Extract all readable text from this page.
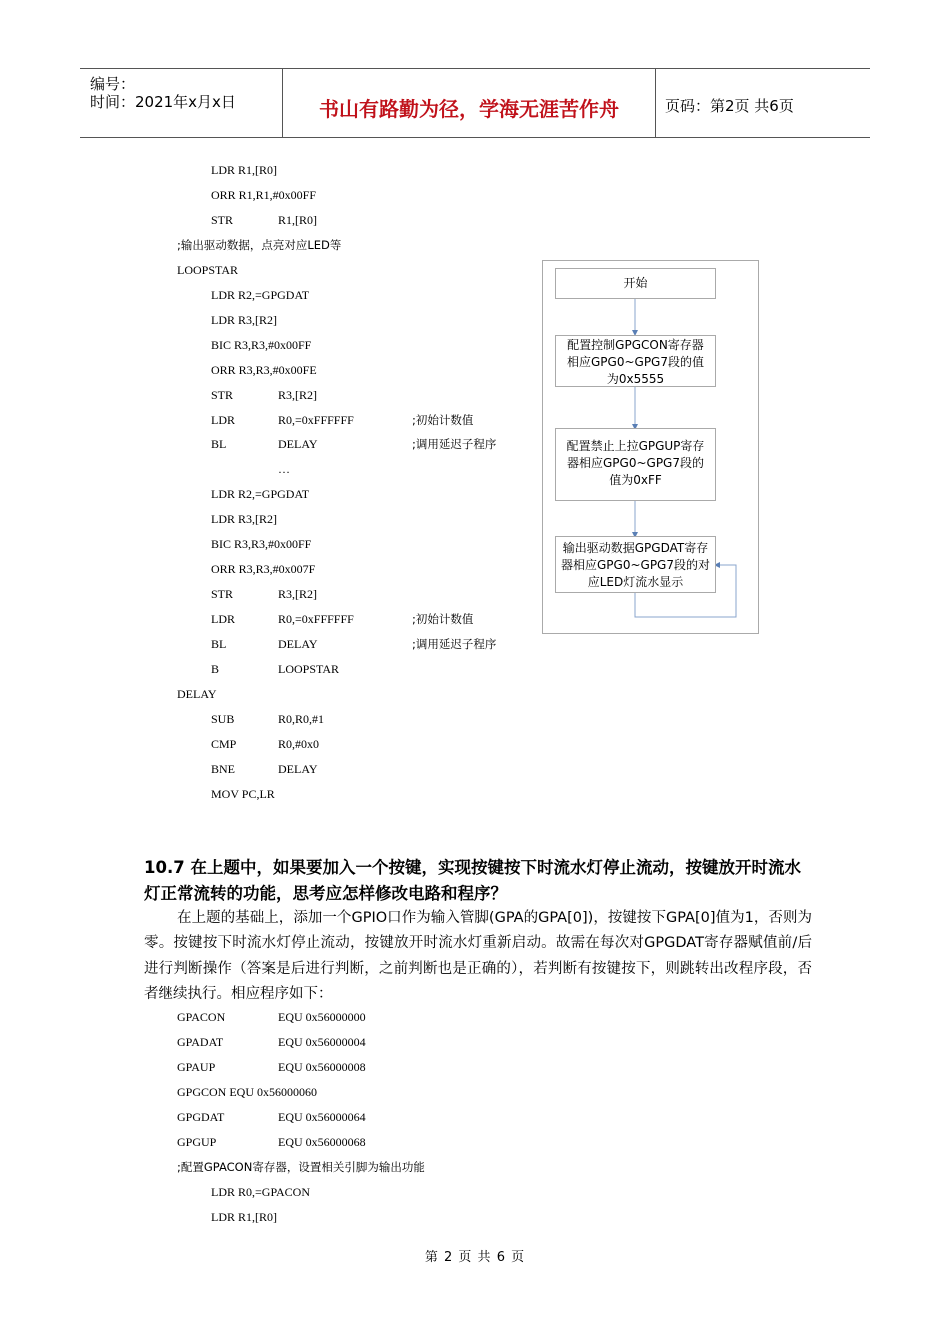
编号：
时间：2021年x月x日	书山有路勤为径，学海无涯苦作舟	页码：第2页 共6页
LDR R1,[R0]
ORR R1,R1,#0x00FF
STR	R1,[R0]
;输出驱动数据，点亮对应LED等
LOOPSTAR
LDR R2,=GPGDAT
LDR R3,[R2]
BIC R3,R3,#0x00FF
ORR R3,R3,#0x00FE
STR	R3,[R2]
LDR	R0,=0xFFFFFF	;初始计数值
BL	DELAY	;调用延迟子程序
…
LDR R2,=GPGDAT
LDR R3,[R2]
BIC R3,R3,#0x00FF
ORR R3,R3,#0x007F
STR	R3,[R2]
LDR	R0,=0xFFFFFF	;初始计数值
BL	DELAY	;调用延迟子程序
B	LOOPSTAR
DELAY
SUB	R0,R0,#1
CMP	R0,#0x0
BNE	DELAY
MOV PC,LR
开始
配置控制GPGCON寄存器相应GPG0~GPG7段的值为0x5555
配置禁止上拉GPGUP寄存器相应GPG0~GPG7段的值为0xFF
输出驱动数据GPGDAT寄存器相应GPG0~GPG7段的对应LED灯流水显示
10.7 在上题中，如果要加入一个按键，实现按键按下时流水灯停止流动，按键放开时流水灯正常流转的功能，思考应怎样修改电路和程序？
在上题的基础上，添加一个GPIO口作为输入管脚(GPA的GPA[0])，按键按下GPA[0]值为1，否则为零。按键按下时流水灯停止流动，按键放开时流水灯重新启动。故需在每次对GPGDAT寄存器赋值前/后进行判断操作（答案是后进行判断，之前判断也是正确的），若判断有按键按下，则跳转出改程序段，否者继续执行。相应程序如下：
GPACON	EQU 0x56000000
GPADAT	EQU 0x56000004
GPAUP	EQU 0x56000008
GPGCON EQU 0x56000060
GPGDAT	EQU 0x56000064
GPGUP	EQU 0x56000068
;配置GPACON寄存器，设置相关引脚为输出功能
LDR R0,=GPACON
LDR R1,[R0]
第 2 页 共 6 页
